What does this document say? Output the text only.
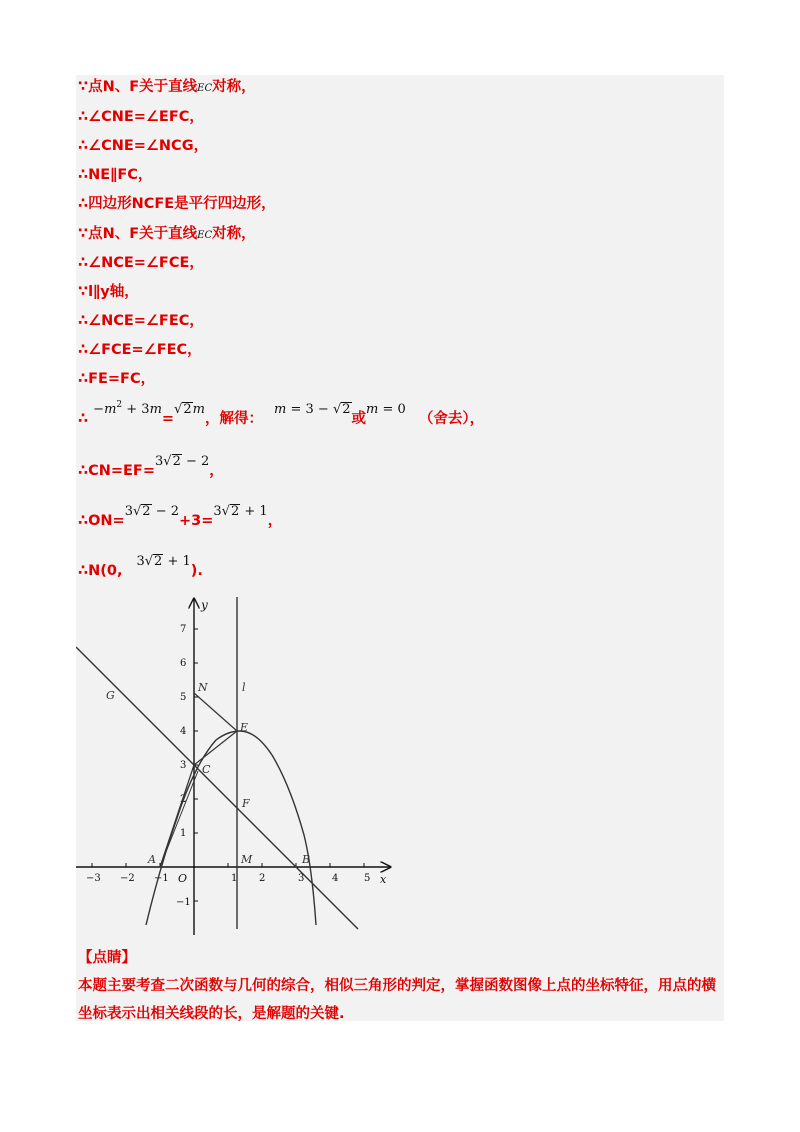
∵点N、F关于直线EC对称，
∴∠CNE=∠EFC，
∴∠CNE=∠NCG，
∴NE∥FC，
∴四边形NCFE是平行四边形，
∵点N、F关于直线EC对称，
∴∠NCE=∠FCE，
∵l∥y轴，
∴∠NCE=∠FEC，
∴∠FCE=∠FEC，
∴FE=FC，
∴ $-m^2 + 3m=√2m$，解得： m = 3 − √2或m = 0 （舍去），
∴CN=EF=3√2 − 2，
∴ON=3√2 − 2+3=3√2 + 1，
∴N(0,3√2 + 1).
−3 −2 −1	1 2	3	4	5
7
6
5
4
3
2
1
−1
x
y
O
N	l
E
C
F
G
A	B
M
【点睛】
本题主要考查二次函数与几何的综合，相似三角形的判定，掌握函数图像上点的坐标特征，用点的横坐标表示出相关线段的长，是解题的关键.
